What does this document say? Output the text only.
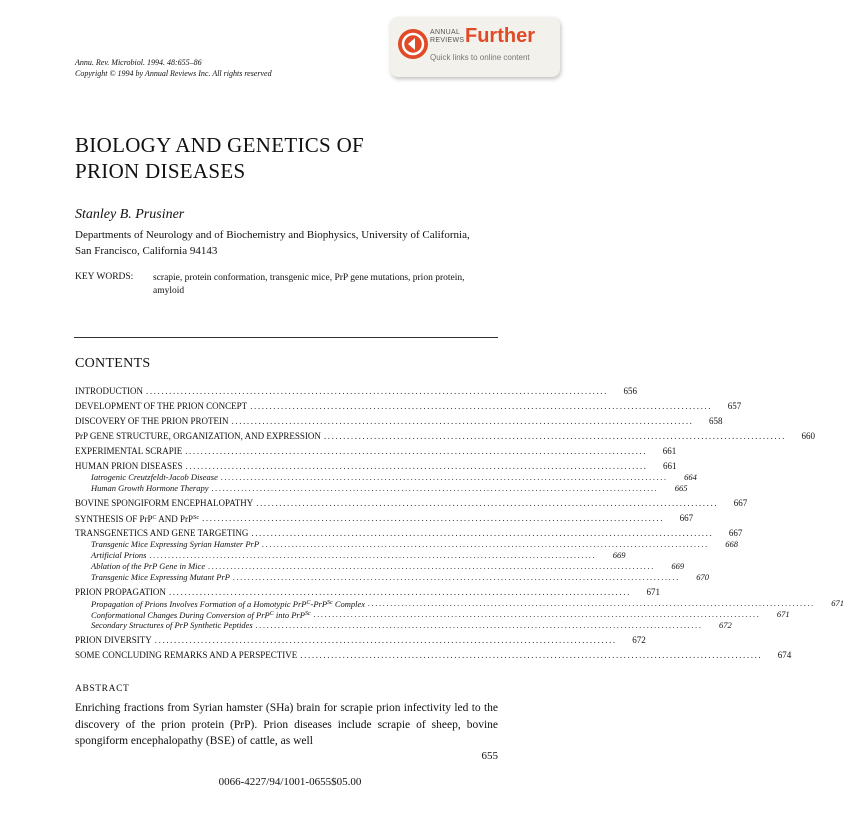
ANNUAL
REVIEWS Further
Quick links to online content
Annu. Rev. Microbiol. 1994. 48:655–86
Copyright © 1994 by Annual Reviews Inc. All rights reserved
BIOLOGY AND GENETICS OF
PRION DISEASES
Stanley B. Prusiner
Departments of Neurology and of Biochemistry and Biophysics, University of California, San Francisco, California 94143
KEY WORDS: scrapie, protein conformation, transgenic mice, PrP gene mutations, prion protein, amyloid
CONTENTS
INTRODUCTION ........................................................................................................................	656
DEVELOPMENT OF THE PRION CONCEPT ........................................................................................................................	657
DISCOVERY OF THE PRION PROTEIN ........................................................................................................................	658
PrP GENE STRUCTURE, ORGANIZATION, AND EXPRESSION ........................................................................................................................	660
EXPERIMENTAL SCRAPIE ........................................................................................................................	661
HUMAN PRION DISEASES ........................................................................................................................	661
Iatrogenic Creutzfeldt-Jacob Disease ........................................................................................................................	664
Human Growth Hormone Therapy ........................................................................................................................	665
BOVINE SPONGIFORM ENCEPHALOPATHY ........................................................................................................................	667
SYNTHESIS OF PrP$^C$ AND PrP$^{Sc}$ ........................................................................................................................	667
TRANSGENETICS AND GENE TARGETING ........................................................................................................................	667
Transgenic Mice Expressing Syrian Hamster PrP ........................................................................................................................	668
Artificial Prions ........................................................................................................................	669
Ablation of the PrP Gene in Mice ........................................................................................................................	669
Transgenic Mice Expressing Mutant PrP ........................................................................................................................	670
PRION PROPAGATION ........................................................................................................................	671
Propagation of Prions Involves Formation of a Homotypic PrP$^C$-PrP$^{Sc}$ Complex ........................................................................................................................	671
Conformational Changes During Conversion of PrP$^C$ into PrP$^{Sc}$ ........................................................................................................................	671
Secondary Structures of PrP Synthetic Peptides ........................................................................................................................	672
PRION DIVERSITY ........................................................................................................................	672
SOME CONCLUDING REMARKS AND A PERSPECTIVE ........................................................................................................................	674
ABSTRACT
Enriching fractions from Syrian hamster (SHa) brain for scrapie prion infectivity led to the discovery of the prion protein (PrP). Prion diseases include scrapie of sheep, bovine spongiform encephalopathy (BSE) of cattle, as well
655
0066-4227/94/1001-0655$05.00
